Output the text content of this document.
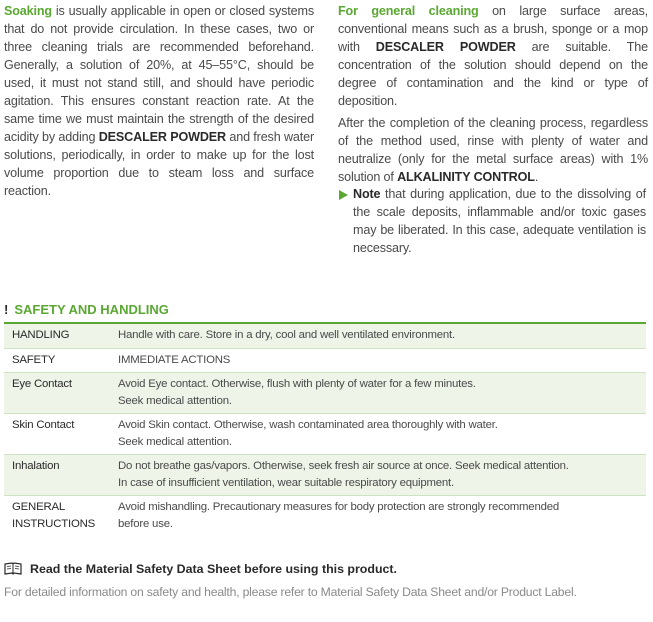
Soaking is usually applicable in open or closed systems that do not provide circulation. In these cases, two or three cleaning trials are recommended beforehand. Generally, a solution of 20%, at 45–55°C, should be used, it must not stand still, and should have periodic agitation. This ensures constant reaction rate. At the same time we must maintain the strength of the desired acidity by adding DESCALER POWDER and fresh water solutions, periodically, in order to make up for the lost volume proportion due to steam loss and surface reaction.

For general cleaning on large surface areas, conventional means such as a brush, sponge or a mop with DESCALER POWDER are suitable. The concentration of the solution should depend on the degree of contamination and the kind or type of deposition.

After the completion of the cleaning process, regardless of the method used, rinse with plenty of water and neutralize (only for the metal surface areas) with 1% solution of ALKALINITY CONTROL.

Note that during application, due to the dissolving of the scale deposits, inflammable and/or toxic gases may be liberated. In this case, adequate ventilation is necessary.
! SAFETY AND HANDLING
HANDLING	Handle with care. Store in a dry, cool and well ventilated environment.

SAFETY	IMMEDIATE ACTIONS

Eye Contact	Avoid Eye contact. Otherwise, flush with plenty of water for a few minutes.
Seek medical attention.

Skin Contact	Avoid Skin contact. Otherwise, wash contaminated area thoroughly with water.
Seek medical attention.

Inhalation	Do not breathe gas/vapors. Otherwise, seek fresh air source at once. Seek medical attention.
In case of insufficient ventilation, wear suitable respiratory equipment.

GENERAL
INSTRUCTIONS	Avoid mishandling. Precautionary measures for body protection are strongly recommended
before use.
Read the Material Safety Data Sheet before using this product.
For detailed information on safety and health, please refer to Material Safety Data Sheet and/or Product Label.
